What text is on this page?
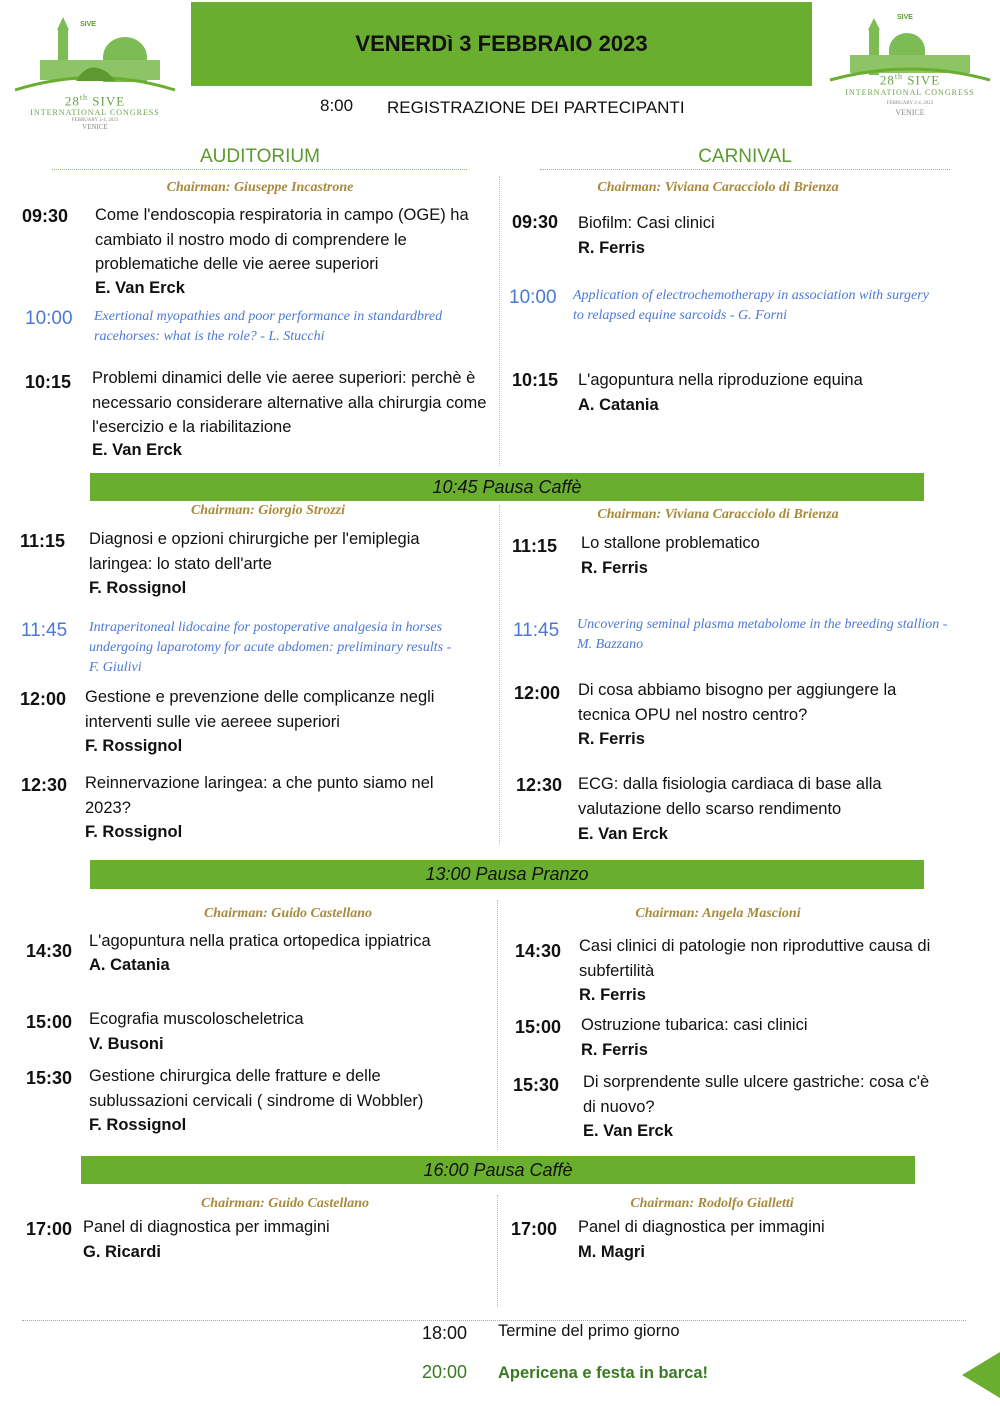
VENERDì 3 FEBBRAIO 2023
SIVE
28th SIVE
INTERNATIONAL CONGRESS
FEBRUARY 2-4, 2023
VENICE
SIVE
28th SIVE
INTERNATIONAL CONGRESS
FEBRUARY 2-4, 2023
VENICE
8:00 REGISTRAZIONE DEI PARTECIPANTI
AUDITORIUM	CARNIVAL
Chairman: Giuseppe Incastrone	Chairman: Viviana Caracciolo di Brienza
09:30 Come l'endoscopia respiratoria in campo (OGE) ha cambiato il nostro modo di comprendere le problematiche delle vie aeree superiori
E. Van Erck
10:00 Exertional myopathies and poor performance in standardbred racehorses: what is the role? - L. Stucchi
10:15 Problemi dinamici delle vie aeree superiori: perchè è necessario considerare alternative alla chirurgia come l'esercizio e la riabilitazione
E. Van Erck
09:30 Biofilm: Casi clinici
R. Ferris
10:00 Application of electrochemotherapy in association with surgery to relapsed equine sarcoids - G. Forni
10:15 L'agopuntura nella riproduzione equina
A. Catania
10:45 Pausa Caffè
Chairman: Giorgio Strozzi	Chairman: Viviana Caracciolo di Brienza
11:15 Diagnosi e opzioni chirurgiche per l'emiplegia laringea: lo stato dell'arte
F. Rossignol
11:45 Intraperitoneal lidocaine for postoperative analgesia in horses undergoing laparotomy for acute abdomen: preliminary results - F. Giulivi
12:00 Gestione e prevenzione delle complicanze negli interventi sulle vie aereee superiori
F. Rossignol
12:30 Reinnervazione laringea: a che punto siamo nel 2023?
F. Rossignol
11:15 Lo stallone problematico
R. Ferris
11:45 Uncovering seminal plasma metabolome in the breeding stallion - M. Bazzano
12:00 Di cosa abbiamo bisogno per aggiungere la tecnica OPU nel nostro centro?
R. Ferris
12:30 ECG: dalla fisiologia cardiaca di base alla valutazione dello scarso rendimento
E. Van Erck
13:00 Pausa Pranzo
Chairman: Guido Castellano	Chairman: Angela Mascioni
14:30 L'agopuntura nella pratica ortopedica ippiatrica
A. Catania
15:00 Ecografia muscoloscheletrica
V. Busoni
15:30 Gestione chirurgica delle fratture e delle sublussazioni cervicali ( sindrome di Wobbler)
F. Rossignol
14:30 Casi clinici di patologie non riproduttive causa di subfertilità
R. Ferris
15:00 Ostruzione tubarica: casi clinici
R. Ferris
15:30 Di sorprendente sulle ulcere gastriche: cosa c'è di nuovo?
E. Van Erck
16:00 Pausa Caffè
Chairman: Guido Castellano	Chairman: Rodolfo Gialletti
17:00 Panel di diagnostica per immagini
G. Ricardi
17:00 Panel di diagnostica per immagini
M. Magri
18:00 Termine del primo giorno
20:00 Apericena e festa in barca!
